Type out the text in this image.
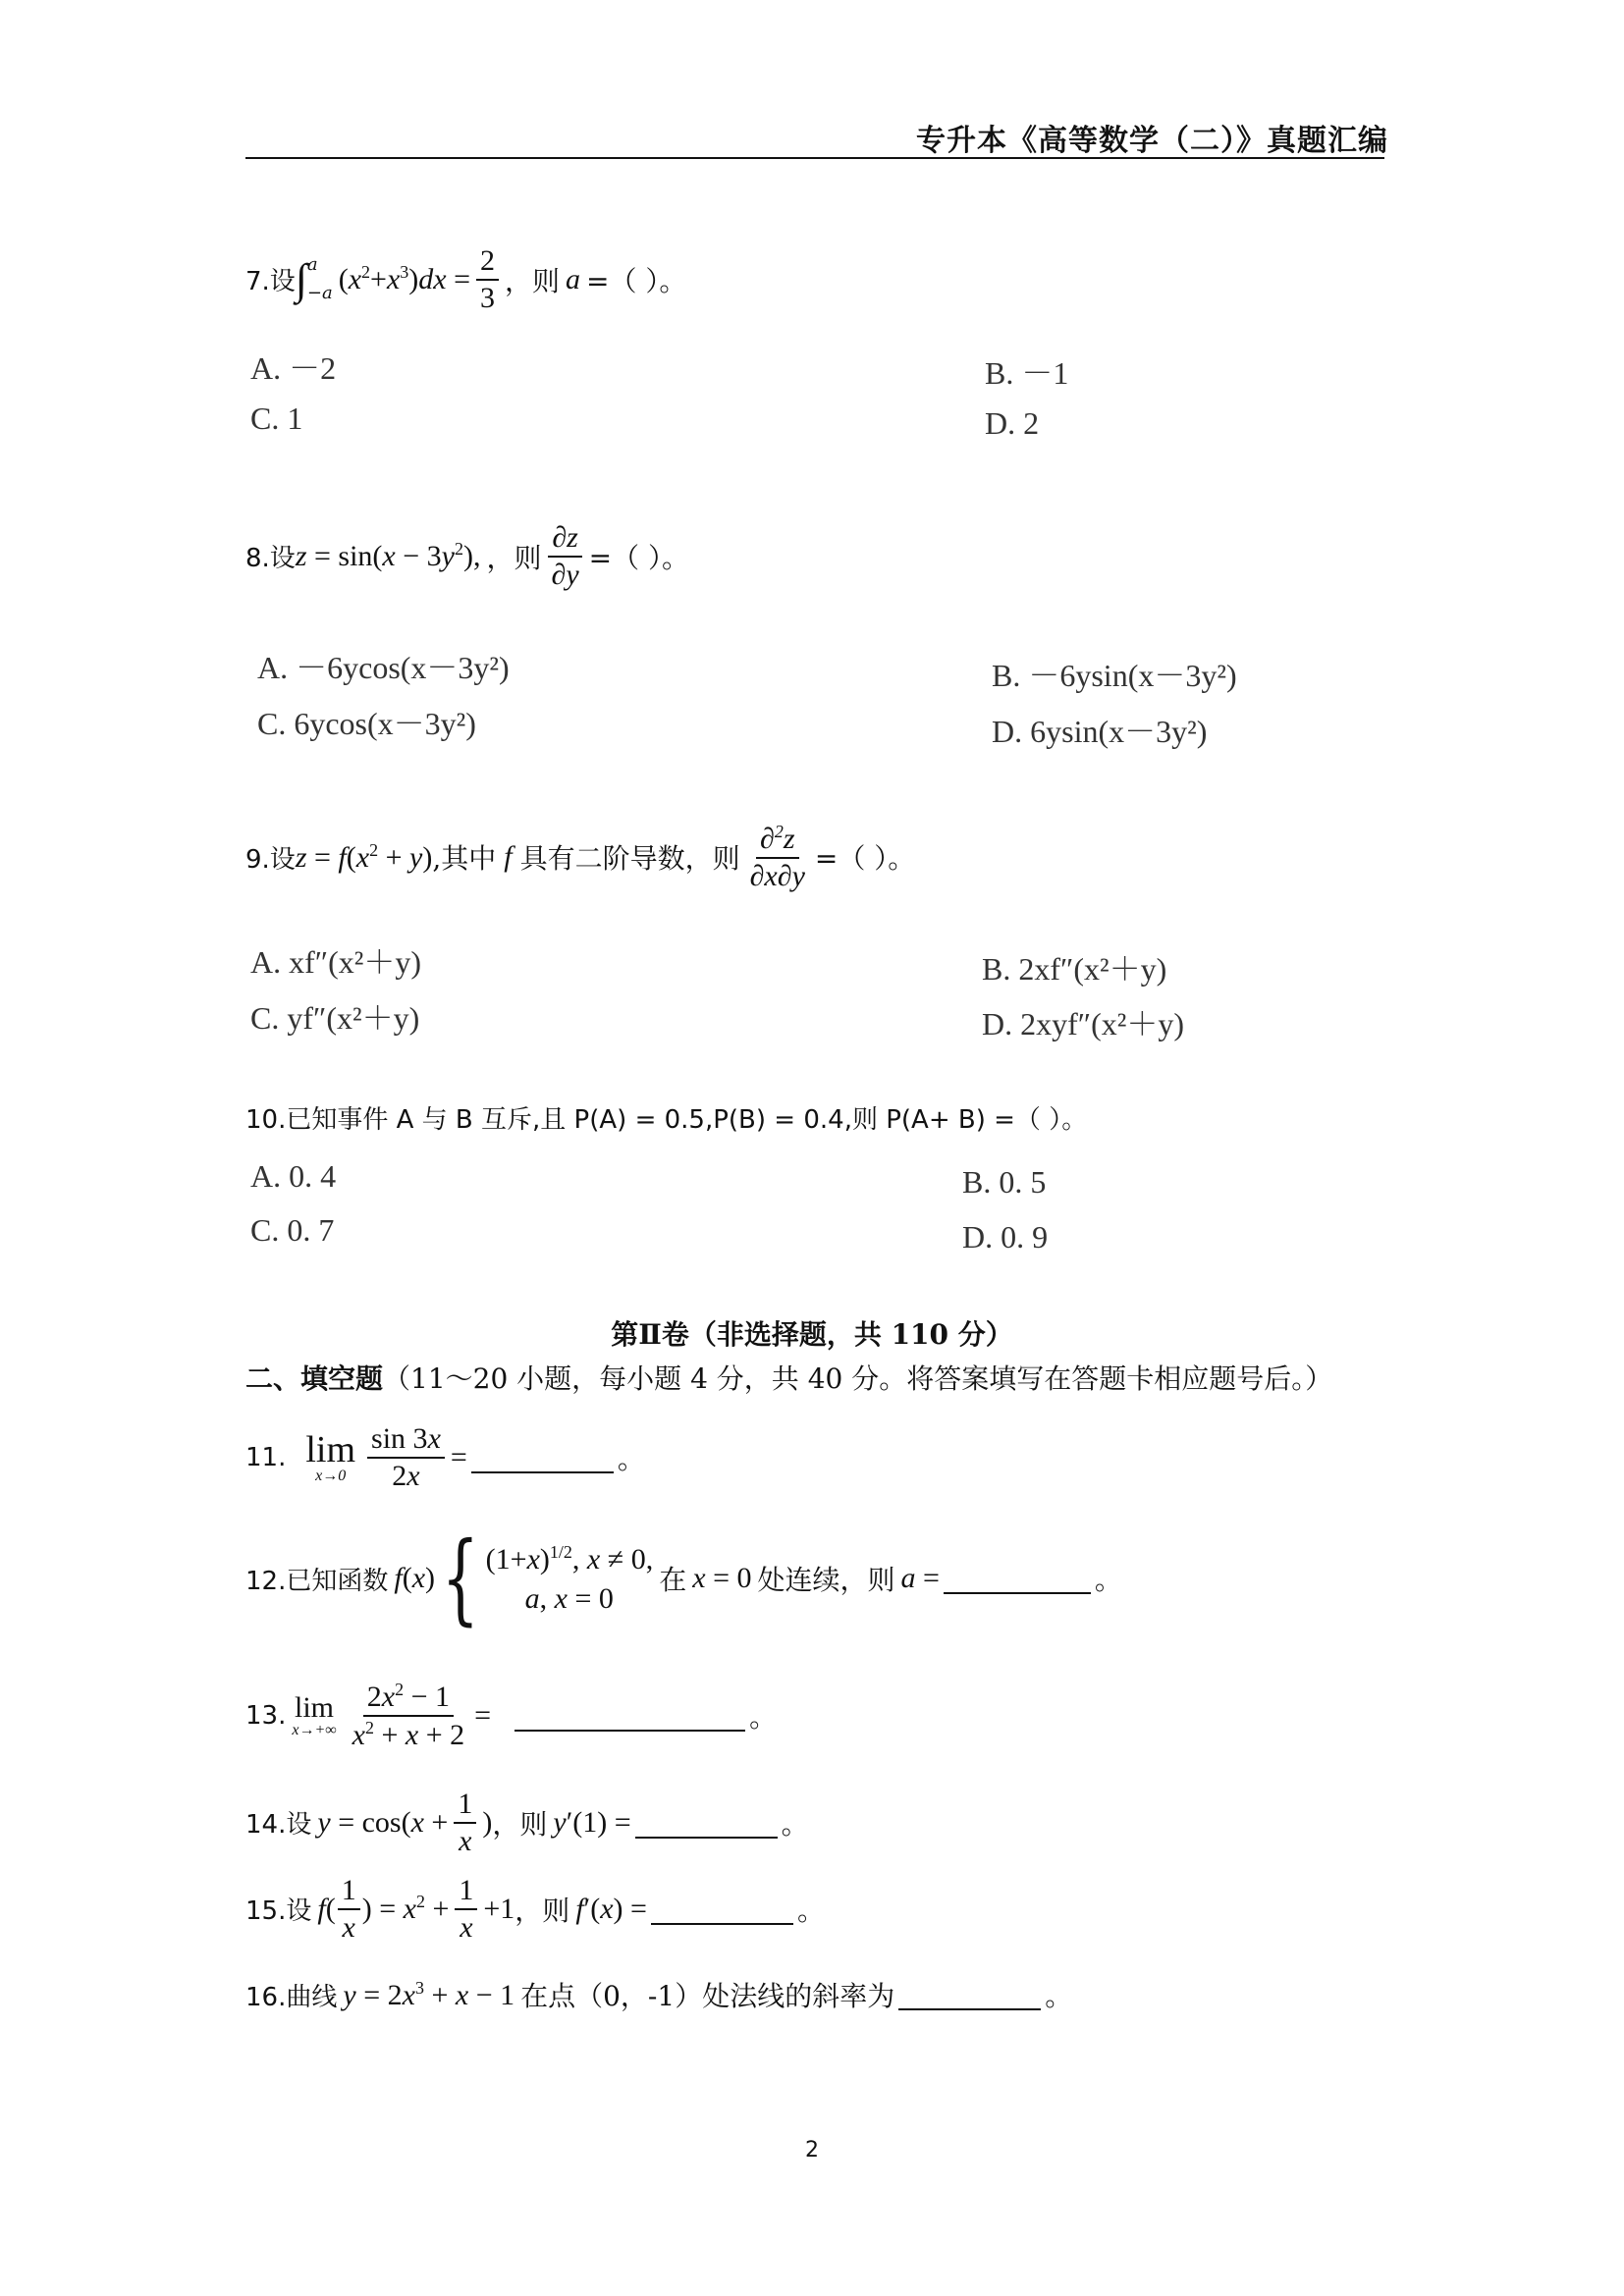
专升本《高等数学（二）》真题汇编
7.设 ∫ a
−a $(x^2+x^3)dx = \frac{2}{3}$ ，则 a =（ ）。
A. －2	B. －1
C. 1	D. 2
8.设 $z = \sin(x - 3y^2)$, ，则 $\frac{\partial z}{\partial y}$ =（ ）。
A. －6ycos(x－3y²)	B. －6ysin(x－3y²)
C. 6ycos(x－3y²)	D. 6ysin(x－3y²)
9.设 $z = f(x^2 + y)$ ,其中 f 具有二阶导数，则 $\frac{\partial^2z}{\partial x\partial y}$ =（ ）。
A. xf″(x²＋y)	B. 2xf″(x²＋y)
C. yf″(x²＋y)	D. 2xyf″(x²＋y)
10.已知事件 A 与 B 互斥,且 P(A) = 0.5,P(B) = 0.4,则 P(A+ B) =（ ）。
A. 0. 4	B. 0. 5
C. 0. 7	D. 0. 9
第Ⅱ卷（非选择题，共 110 分）
二、填空题（11～20 小题，每小题 4 分，共 40 分。将答案填写在答题卡相应题号后。）
11. lim
$x\to 0 \frac{\sin 3x}{2x}$ =	。
12.已知函数 f(x) { $(1+x)^{1/2}$, x ≠ 0,
a, x = 0
在 x = 0 处连续，则 a =	。
13. lim
$x\to+\infty \frac{2x^2 - 1}{x^2 + x + 2}$ =	。
14.设 $y = \cos(x + \frac{1}{x}$ ) ，则 y′(1) =	。
15.设 $f( \frac{1}{x}$ ) = $x^2 + \frac{1}{x} +1$ ，则 f′(x) =	。
16.曲线 $y = 2x^3 + x - 1$ 在点（0，-1）处法线的斜率为	。
2
